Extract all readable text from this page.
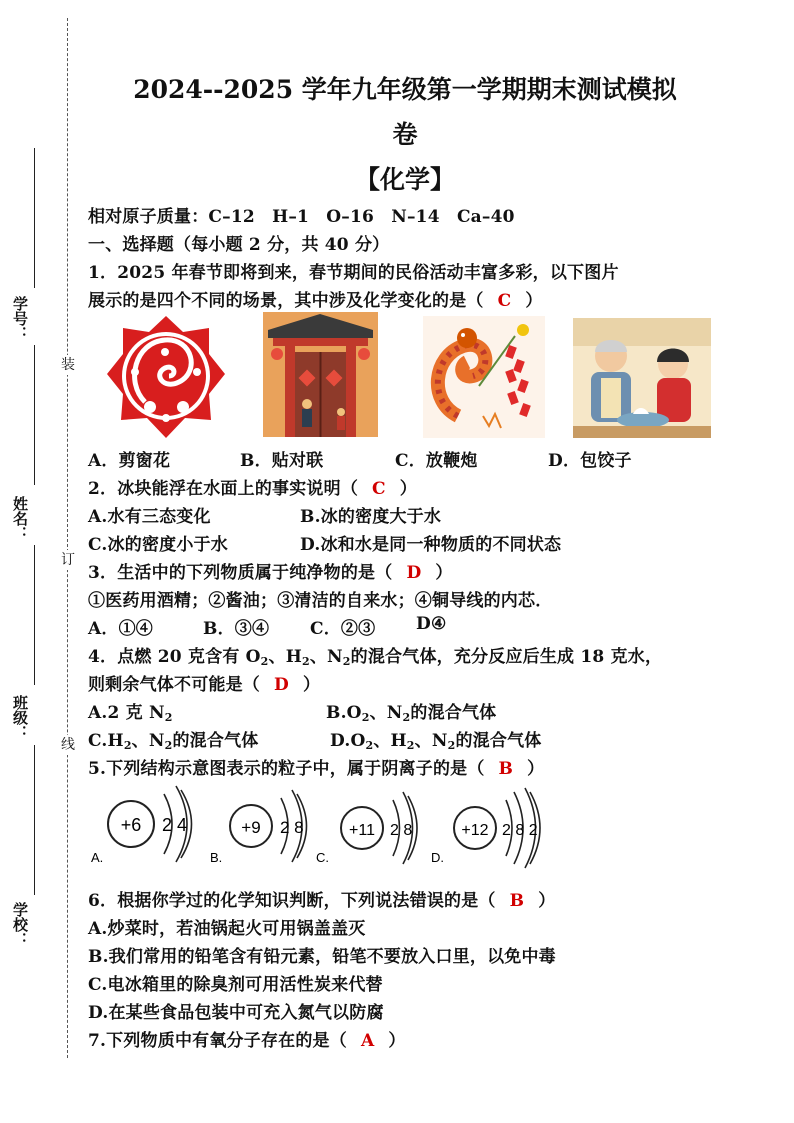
学号：
姓名：
班级：
学校：
装
订
线
2024--2025 学年九年级第一学期期末测试模拟
卷
【化学】
相对原子质量：C–12　H–1　O–16　N–14　Ca–40
一、选择题（每小题 2 分，共 40 分）
1．2025 年春节即将到来，春节期间的民俗活动丰富多彩，以下图片
展示的是四个不同的场景，其中涉及化学变化的是（ C ）
A．剪窗花	B．贴对联	C．放鞭炮	D．包饺子
2．冰块能浮在水面上的事实说明（ C ）
A.水有三态变化	B.冰的密度大于水
C.冰的密度小于水	D.冰和水是同一种物质的不同状态
3．生活中的下列物质属于纯净物的是（ D ）
①医药用酒精；②酱油；③清洁的自来水；④铜导线的内芯．
A．①④	B．③④ C．②③ D④
4．点燃 20 克含有 $O_2$、$H_2$、$N_2$的混合气体，充分反应后生成 18 克水，
则剩余气体不可能是（ D ）
A.2 克 $N_2$	$B.O_2$、$N_2$的混合气体
$C.H_2$、$N_2$的混合气体	$D.O_2$、$H_2$、$N_2$的混合气体
5.下列结构示意图表示的粒子中，属于阴离子的是（ B ）
+6 2 4
A.
+9 2 8
B.
+11 2 8
C.
+12 2 8 2
D.
6．根据你学过的化学知识判断，下列说法错误的是（ B ）
A.炒菜时，若油锅起火可用锅盖盖灭
B.我们常用的铅笔含有铅元素，铅笔不要放入口里，以免中毒
C.电冰箱里的除臭剂可用活性炭来代替
D.在某些食品包装中可充入氮气以防腐
7.下列物质中有氧分子存在的是（ A ）
